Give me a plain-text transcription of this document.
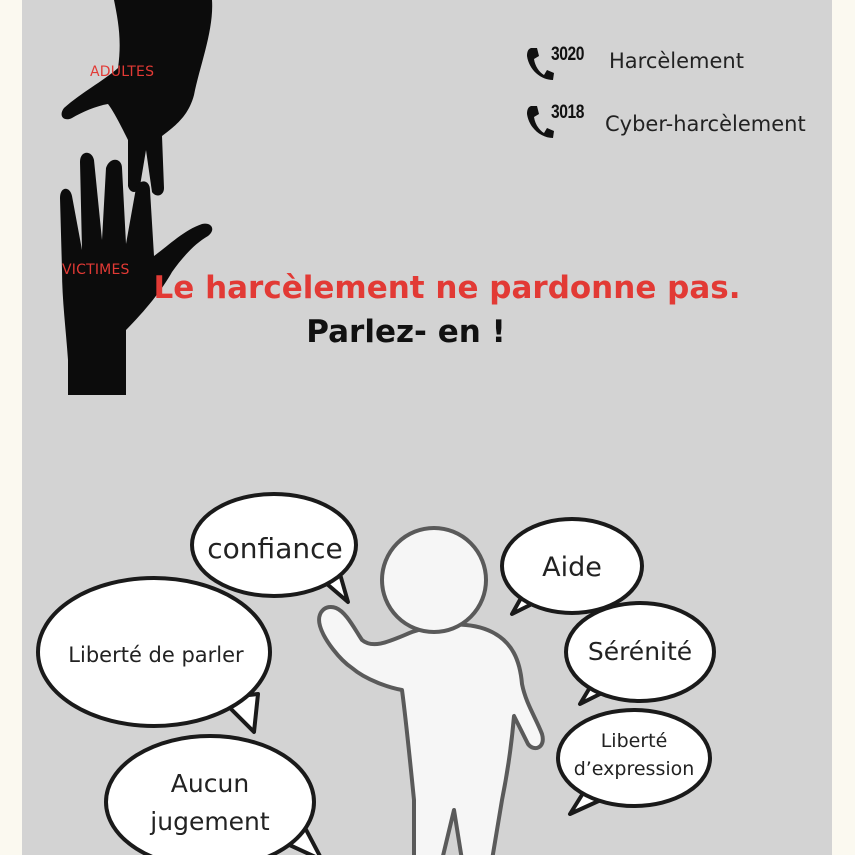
ADULTES
VICTIMES
3020 Harcèlement
3018 Cyber-harcèlement
Le harcèlement ne pardonne pas.
Parlez- en !
confiance
Liberté de parler
Aucun
jugement
Aide
Sérénité
Liberté
d’expression
